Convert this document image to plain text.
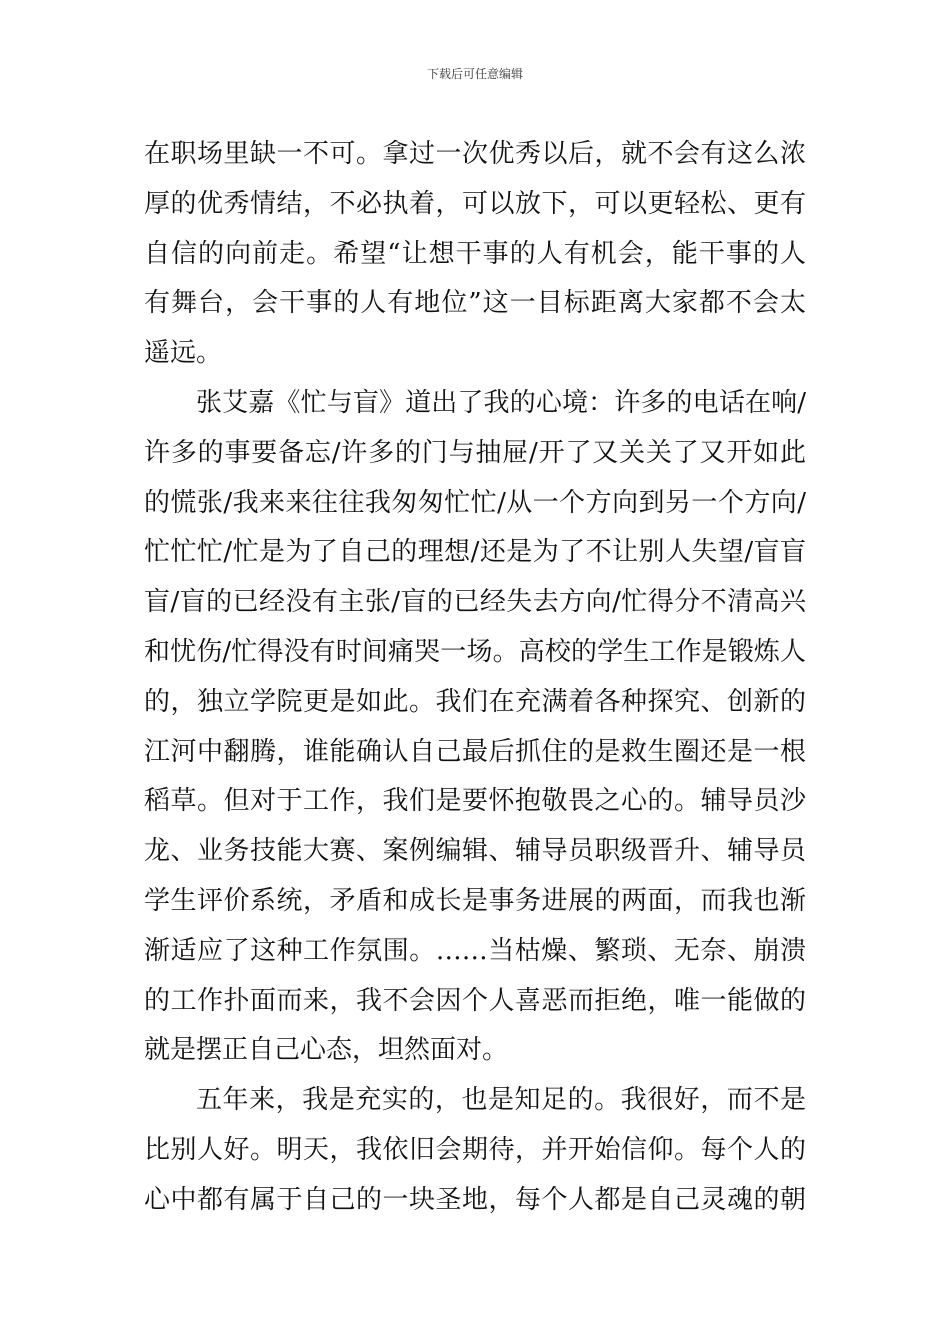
下载后可任意编辑
在职场里缺一不可。拿过一次优秀以后，就不会有这么浓
厚的优秀情结，不必执着，可以放下，可以更轻松、更有
自信的向前走。希望“让想干事的人有机会，能干事的人
有舞台，会干事的人有地位”这一目标距离大家都不会太
遥远。
张艾嘉《忙与盲》道出了我的心境：许多的电话在响/
许多的事要备忘/许多的门与抽屉/开了又关关了又开如此
的慌张/我来来往往我匆匆忙忙/从一个方向到另一个方向/
忙忙忙/忙是为了自己的理想/还是为了不让别人失望/盲盲
盲/盲的已经没有主张/盲的已经失去方向/忙得分不清高兴
和忧伤/忙得没有时间痛哭一场。高校的学生工作是锻炼人
的，独立学院更是如此。我们在充满着各种探究、创新的
江河中翻腾，谁能确认自己最后抓住的是救生圈还是一根
稻草。但对于工作，我们是要怀抱敬畏之心的。辅导员沙
龙、业务技能大赛、案例编辑、辅导员职级晋升、辅导员
学生评价系统，矛盾和成长是事务进展的两面，而我也渐
渐适应了这种工作氛围。……当枯燥、繁琐、无奈、崩溃
的工作扑面而来，我不会因个人喜恶而拒绝，唯一能做的
就是摆正自己心态，坦然面对。
五年来，我是充实的，也是知足的。我很好，而不是
比别人好。明天，我依旧会期待，并开始信仰。每个人的
心中都有属于自己的一块圣地，每个人都是自己灵魂的朝
